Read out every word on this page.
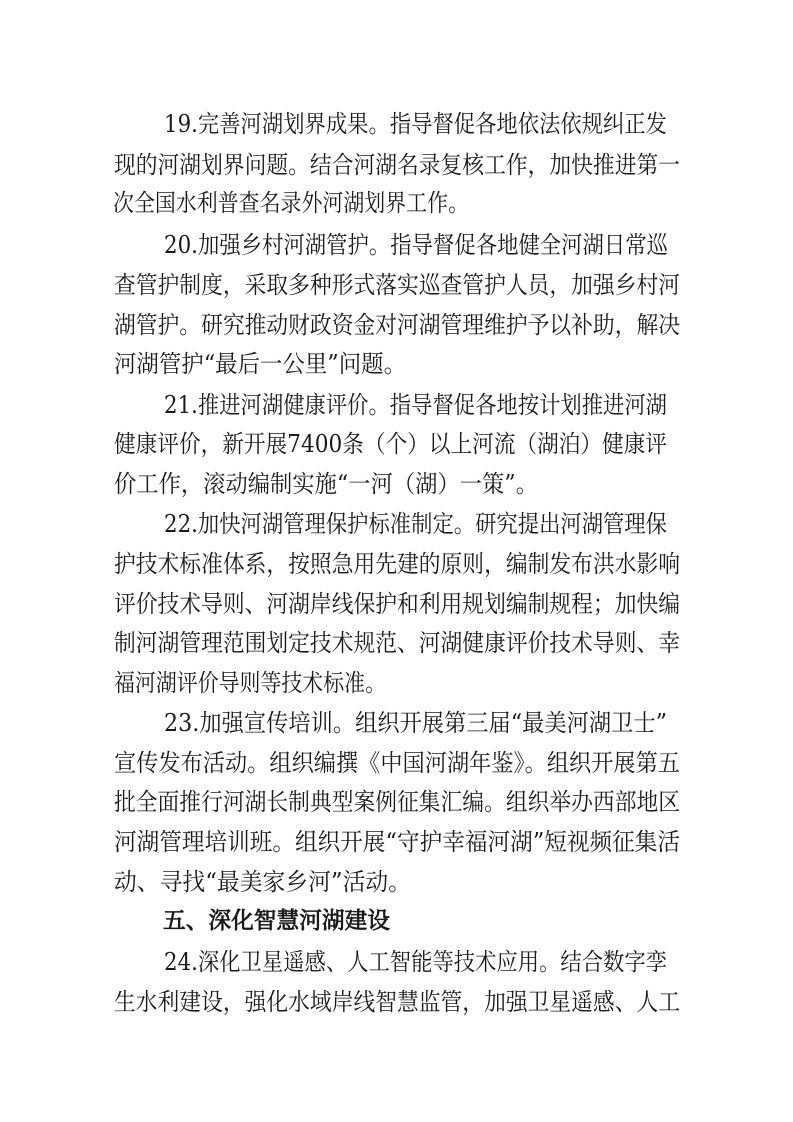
19.完善河湖划界成果。指导督促各地依法依规纠正发
现的河湖划界问题。结合河湖名录复核工作，加快推进第一
次全国水利普查名录外河湖划界工作。
20.加强乡村河湖管护。指导督促各地健全河湖日常巡
查管护制度，采取多种形式落实巡查管护人员，加强乡村河
湖管护。研究推动财政资金对河湖管理维护予以补助，解决
河湖管护“最后一公里”问题。
21.推进河湖健康评价。指导督促各地按计划推进河湖
健康评价，新开展7400条（个）以上河流（湖泊）健康评
价工作，滚动编制实施“一河（湖）一策”。
22.加快河湖管理保护标准制定。研究提出河湖管理保
护技术标准体系，按照急用先建的原则，编制发布洪水影响
评价技术导则、河湖岸线保护和利用规划编制规程；加快编
制河湖管理范围划定技术规范、河湖健康评价技术导则、幸
福河湖评价导则等技术标准。
23.加强宣传培训。组织开展第三届“最美河湖卫士”
宣传发布活动。组织编撰《中国河湖年鉴》。组织开展第五
批全面推行河湖长制典型案例征集汇编。组织举办西部地区
河湖管理培训班。组织开展“守护幸福河湖”短视频征集活
动、寻找“最美家乡河”活动。
五、深化智慧河湖建设
24.深化卫星遥感、人工智能等技术应用。结合数字孪
生水利建设，强化水域岸线智慧监管，加强卫星遥感、人工
